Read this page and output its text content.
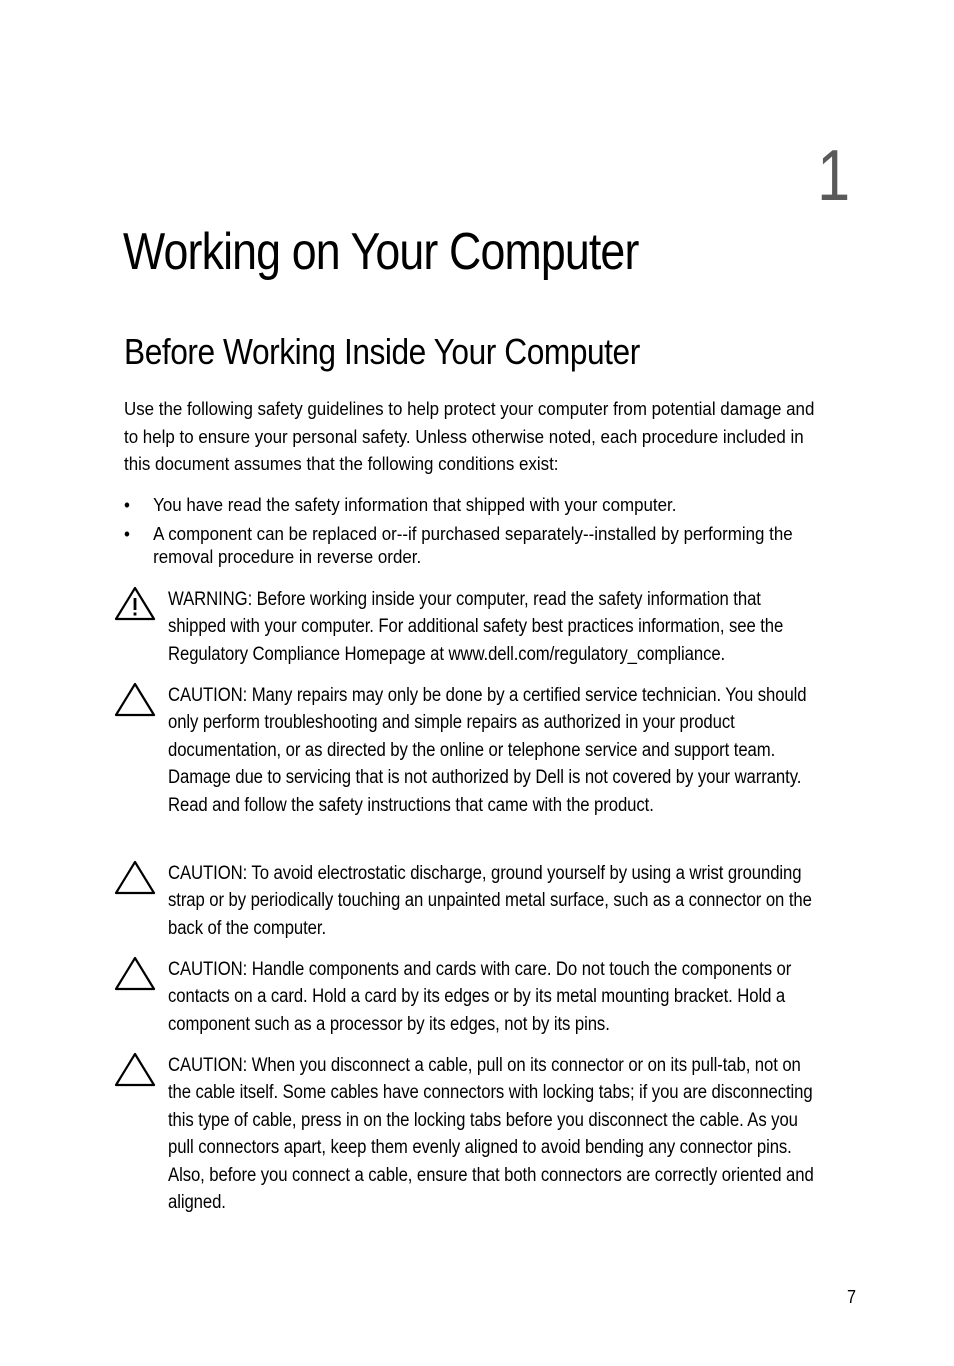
1
Working on Your Computer
Before Working Inside Your Computer

Use the following safety guidelines to help protect your computer from potential damage and to help to ensure your personal safety. Unless otherwise noted, each procedure included in this document assumes that the following conditions exist:

• You have read the safety information that shipped with your computer.
• A component can be replaced or--if purchased separately--installed by performing the removal procedure in reverse order.

WARNING: Before working inside your computer, read the safety information that shipped with your computer. For additional safety best practices information, see the Regulatory Compliance Homepage at www.dell.com/regulatory_compliance.

CAUTION: Many repairs may only be done by a certified service technician. You should only perform troubleshooting and simple repairs as authorized in your product documentation, or as directed by the online or telephone service and support team. Damage due to servicing that is not authorized by Dell is not covered by your warranty. Read and follow the safety instructions that came with the product.

CAUTION: To avoid electrostatic discharge, ground yourself by using a wrist grounding strap or by periodically touching an unpainted metal surface, such as a connector on the back of the computer.

CAUTION: Handle components and cards with care. Do not touch the components or contacts on a card. Hold a card by its edges or by its metal mounting bracket. Hold a component such as a processor by its edges, not by its pins.

CAUTION: When you disconnect a cable, pull on its connector or on its pull-tab, not on the cable itself. Some cables have connectors with locking tabs; if you are disconnecting this type of cable, press in on the locking tabs before you disconnect the cable. As you pull connectors apart, keep them evenly aligned to avoid bending any connector pins. Also, before you connect a cable, ensure that both connectors are correctly oriented and aligned.

7
